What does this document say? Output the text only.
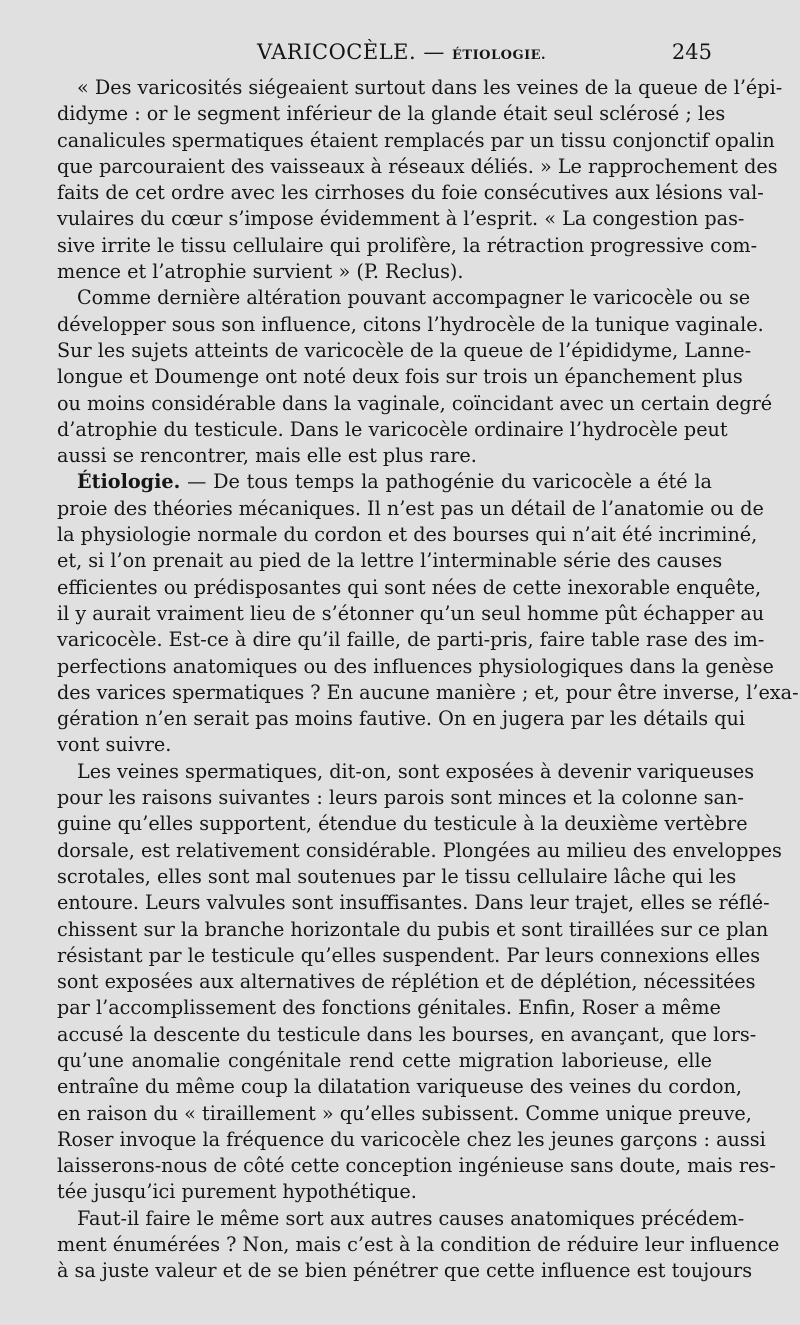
VARICOCÈLE. — ÉTIOLOGIE.	245
« Des varicosités siégeaient surtout dans les veines de la queue de l’épi-
didyme : or le segment inférieur de la glande était seul sclérosé ; les
canalicules spermatiques étaient remplacés par un tissu conjonctif opalin
que parcouraient des vaisseaux à réseaux déliés. » Le rapprochement des
faits de cet ordre avec les cirrhoses du foie consécutives aux lésions val-
vulaires du cœur s’impose évidemment à l’esprit. « La congestion pas-
sive irrite le tissu cellulaire qui prolifère, la rétraction progressive com-
mence et l’atrophie survient » (P. Reclus).
Comme dernière altération pouvant accompagner le varicocèle ou se
développer sous son influence, citons l’hydrocèle de la tunique vaginale.
Sur les sujets atteints de varicocèle de la queue de l’épididyme, Lanne-
longue et Doumenge ont noté deux fois sur trois un épanchement plus
ou moins considérable dans la vaginale, coïncidant avec un certain degré
d’atrophie du testicule. Dans le varicocèle ordinaire l’hydrocèle peut
aussi se rencontrer, mais elle est plus rare.
Étiologie. — De tous temps la pathogénie du varicocèle a été la
proie des théories mécaniques. Il n’est pas un détail de l’anatomie ou de
la physiologie normale du cordon et des bourses qui n’ait été incriminé,
et, si l’on prenait au pied de la lettre l’interminable série des causes
efficientes ou prédisposantes qui sont nées de cette inexorable enquête,
il y aurait vraiment lieu de s’étonner qu’un seul homme pût échapper au
varicocèle. Est-ce à dire qu’il faille, de parti-pris, faire table rase des im-
perfections anatomiques ou des influences physiologiques dans la genèse
des varices spermatiques ? En aucune manière ; et, pour être inverse, l’exa-
gération n’en serait pas moins fautive. On en jugera par les détails qui
vont suivre.
Les veines spermatiques, dit-on, sont exposées à devenir variqueuses
pour les raisons suivantes : leurs parois sont minces et la colonne san-
guine qu’elles supportent, étendue du testicule à la deuxième vertèbre
dorsale, est relativement considérable. Plongées au milieu des enveloppes
scrotales, elles sont mal soutenues par le tissu cellulaire lâche qui les
entoure. Leurs valvules sont insuffisantes. Dans leur trajet, elles se réflé-
chissent sur la branche horizontale du pubis et sont tiraillées sur ce plan
résistant par le testicule qu’elles suspendent. Par leurs connexions elles
sont exposées aux alternatives de réplétion et de déplétion, nécessitées
par l’accomplissement des fonctions génitales. Enfin, Roser a même
accusé la descente du testicule dans les bourses, en avançant, que lors-
qu’une anomalie congénitale rend cette migration laborieuse, elle
entraîne du même coup la dilatation variqueuse des veines du cordon,
en raison du « tiraillement » qu’elles subissent. Comme unique preuve,
Roser invoque la fréquence du varicocèle chez les jeunes garçons : aussi
laisserons-nous de côté cette conception ingénieuse sans doute, mais res-
tée jusqu’ici purement hypothétique.
Faut-il faire le même sort aux autres causes anatomiques précédem-
ment énumérées ? Non, mais c’est à la condition de réduire leur influence
à sa juste valeur et de se bien pénétrer que cette influence est toujours
